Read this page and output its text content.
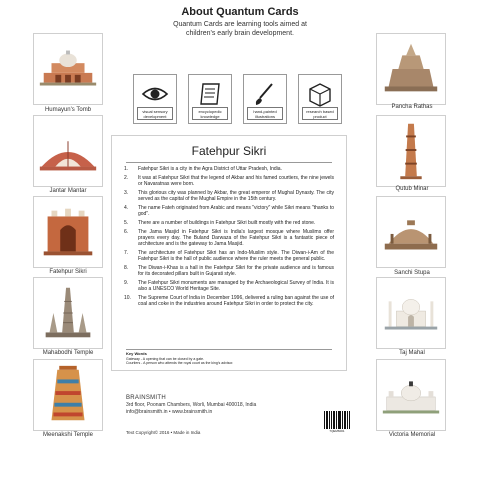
About Quantum Cards
Quantum Cards are learning tools aimed at children's early brain development.
Humayun's Tomb
Jantar Mantar
Fatehpur Sikri
Mahabodhi Temple
Meenakshi Temple
Pancha Rathas
Qutub Minar
Sanchi Stupa
Taj Mahal
Victoria Memorial
visual sensory development
encyclopedic knowledge
hand-painted illustrations
research based product
Fatehpur Sikri
1.	Fatehpur Sikri is a city in the Agra District of Uttar Pradesh, India.
2.	It was at Fatehpur Sikri that the legend of Akbar and his famed courtiers, the nine jewels or Navaratnas were born.
3.	This glorious city was planned by Akbar, the great emperor of Mughal Dynasty. The city served as the capital of the Mughal Empire in the 15th century.
4.	The name Fateh originated from Arabic and means "victory" while Sikri means "thanks to god".
5.	There are a number of buildings in Fatehpur Sikri built mostly with the red stone.
6.	The Jama Masjid in Fatehpur Sikri is India's largest mosque where Muslims offer prayers every day. The Buland Darwaza of the Fatehpur Sikri is a fantastic piece of architecture and is the gateway to Jama Masjid.
7.	The architecture of Fatehpur Sikri has an Indo-Muslim style. The Diwan-i-Am of the Fatehpur Sikri is the hall of public audience where the ruler meets the general public.
8.	The Diwan-i-Khas is a hall in the Fatehpur Sikri for the private audience and is famous for its decorated pillars built in Gujarati style.
9.	The Fatehpur Sikri monuments are managed by the Archaeological Survey of India. It is also a UNESCO World Heritage Site.
10.	The Supreme Court of India in December 1996, delivered a ruling ban against the use of coal and coke in the industries around Fatehpur Sikri in order to protect the city.
Key Words
Gateway - A opening that can be closed by a gate.
Courtiers - A person who attends the royal court as the king's advisor.
BRAINSMITH
3rd floor, Poonam Chambers, Worli, Mumbai 400018, India
info@brainsmith.in • www.brainsmith.in
Text Copyright© 2016 • Made in India	7QEM6001
